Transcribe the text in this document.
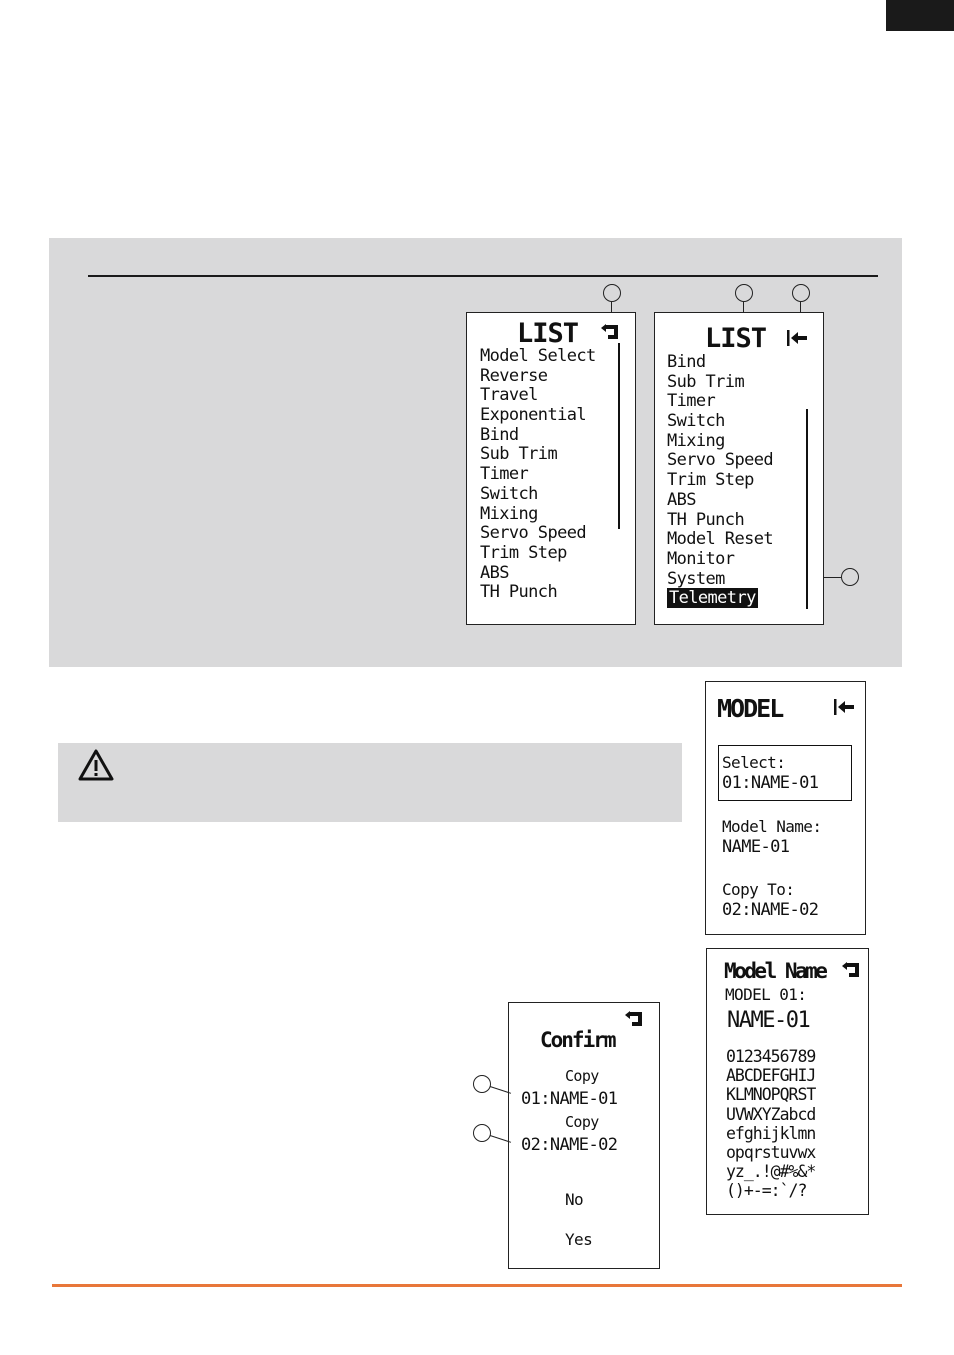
LIST
Model Select
Reverse
Travel
Exponential
Bind
Sub Trim
Timer
Switch
Mixing
Servo Speed
Trim Step
ABS
TH Punch
LIST
Bind
Sub Trim
Timer
Switch
Mixing
Servo Speed
Trim Step
ABS
TH Punch
Model Reset
Monitor
System
Telemetry
MODEL
Select:
01:NAME-01
Model Name:
NAME-01
Copy To:
02:NAME-02
Model Name
MODEL 01:
NAME-01
0123456789
ABCDEFGHIJ
KLMNOPQRST
UVWXYZabcd
efghijklmn
opqrstuvwx
yz_.!@#%&*
()+-=:`/?
Confirm
Copy
01:NAME-01
Copy
02:NAME-02
No
Yes
